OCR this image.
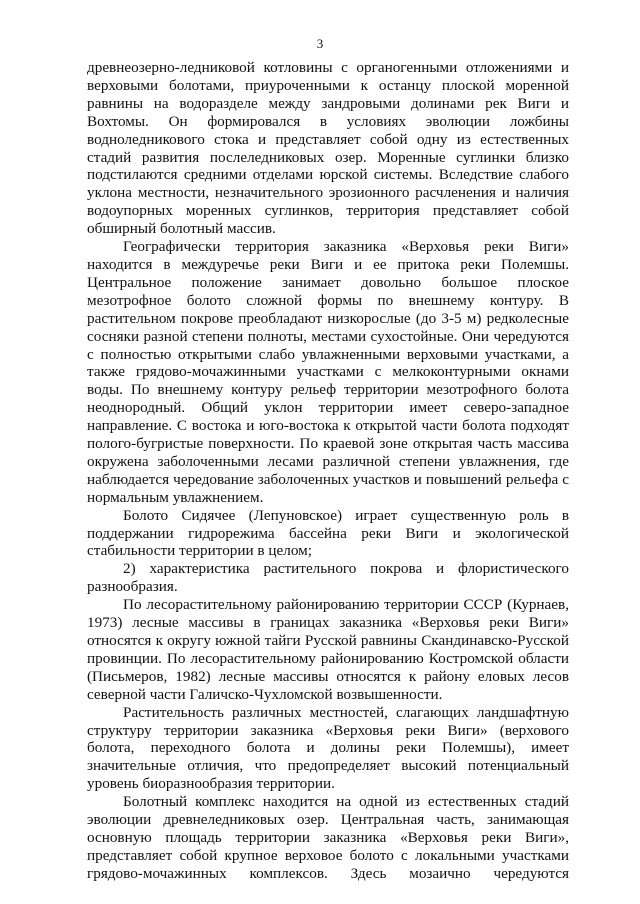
3

древнеозерно-ледниковой котловины с органогенными отложениями и верховыми болотами, приуроченными к останцу плоской моренной равнины на водоразделе между зандровыми долинами рек Виги и Вохтомы. Он формировался в условиях эволюции ложбины водноледникового стока и представляет собой одну из естественных стадий развития послеледниковых озер. Моренные суглинки близко подстилаются средними отделами юрской системы. Вследствие слабого уклона местности, незначительного эрозионного расчленения и наличия водоупорных моренных суглинков, территория представляет собой обширный болотный массив.

Географически территория заказника «Верховья реки Виги» находится в междуречье реки Виги и ее притока реки Полемшы. Центральное положение занимает довольно большое плоское мезотрофное болото сложной формы по внешнему контуру. В растительном покрове преобладают низкорослые (до 3-5 м) редколесные сосняки разной степени полноты, местами сухостойные. Они чередуются с полностью открытыми слабо увлажненными верховыми участками, а также грядово-мочажинными участками с мелкоконтурными окнами воды. По внешнему контуру рельеф территории мезотрофного болота неоднородный. Общий уклон территории имеет северо-западное направление. С востока и юго-востока к открытой части болота подходят полого-бугристые поверхности. По краевой зоне открытая часть массива окружена заболоченными лесами различной степени увлажнения, где наблюдается чередование заболоченных участков и повышений рельефа с нормальным увлажнением.

Болото Сидячее (Лепуновское) играет существенную роль в поддержании гидрорежима бассейна реки Виги и экологической стабильности территории в целом;

2) характеристика растительного покрова и флористического разнообразия.

По лесорастительному районированию территории СССР (Курнаев, 1973) лесные массивы в границах заказника «Верховья реки Виги» относятся к округу южной тайги Русской равнины Скандинавско-Русской провинции. По лесорастительному районированию Костромской области (Письмеров, 1982) лесные массивы относятся к району еловых лесов северной части Галичско-Чухломской возвышенности.

Растительность различных местностей, слагающих ландшафтную структуру территории заказника «Верховья реки Виги» (верхового болота, переходного болота и долины реки Полемшы), имеет значительные отличия, что предопределяет высокий потенциальный уровень биоразнообразия территории.

Болотный комплекс находится на одной из естественных стадий эволюции древнеледниковых озер. Центральная часть, занимающая основную площадь территории заказника «Верховья реки Виги», представляет собой крупное верховое болото с локальными участками грядово-мочажинных комплексов. Здесь мозаично чередуются
